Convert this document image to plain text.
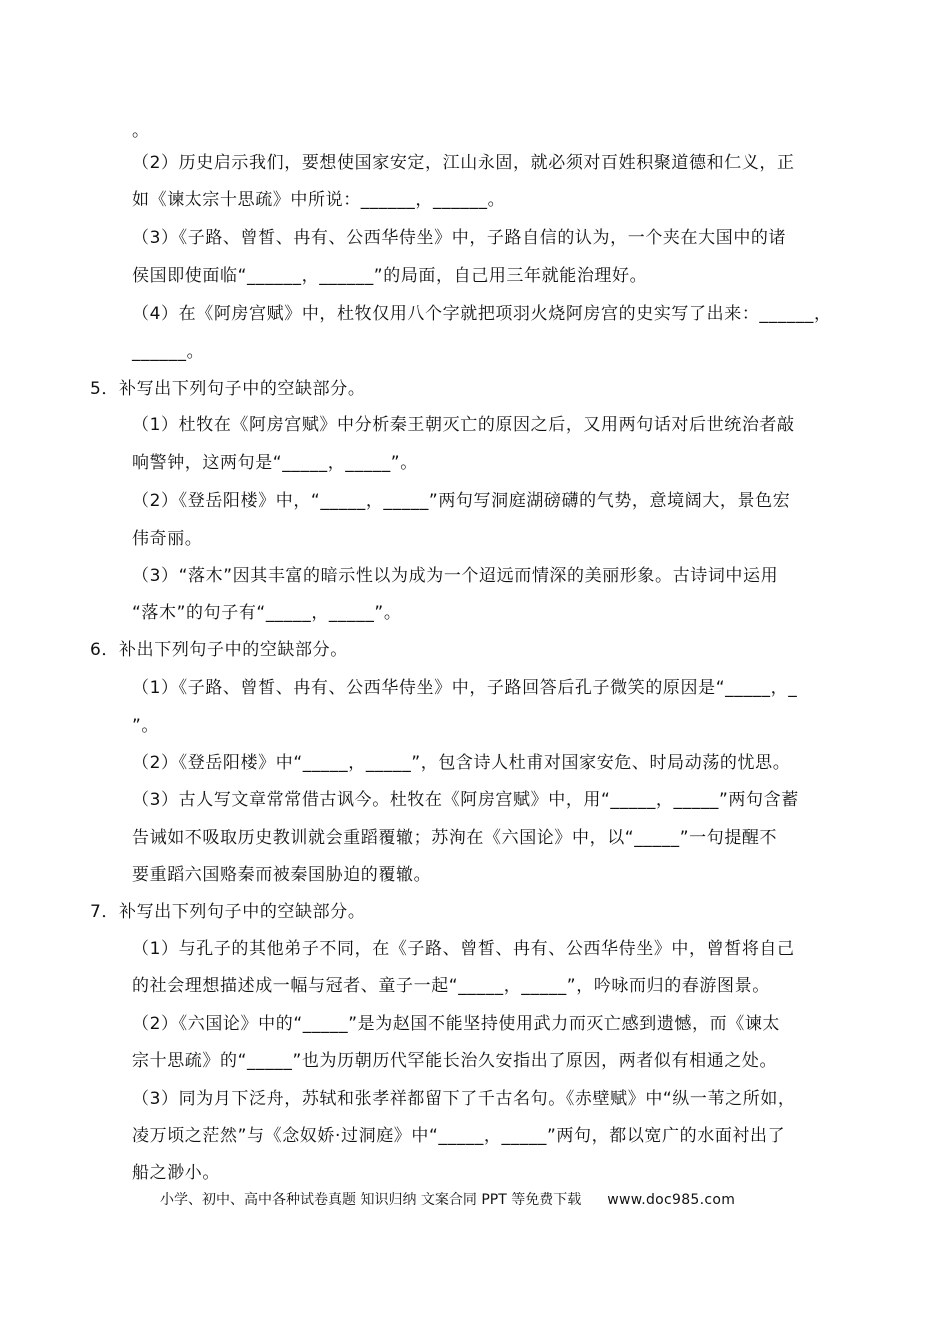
。
（2）历史启示我们，要想使国家安定，江山永固，就必须对百姓积聚道德和仁义，正
如《谏太宗十思疏》中所说：______，______。
（3）《子路、曾皙、冉有、公西华侍坐》中，子路自信的认为，一个夹在大国中的诸
侯国即使面临“______，______”的局面，自己用三年就能治理好。
（4）在《阿房宫赋》中，杜牧仅用八个字就把项羽火烧阿房宫的史实写了出来：______，
______。
5．补写出下列句子中的空缺部分。
（1）杜牧在《阿房宫赋》中分析秦王朝灭亡的原因之后，又用两句话对后世统治者敲
响警钟，这两句是“_____，_____”。
（2）《登岳阳楼》中，“_____，_____”两句写洞庭湖磅礴的气势，意境阔大，景色宏
伟奇丽。
（3）“落木”因其丰富的暗示性以为成为一个迢远而情深的美丽形象。古诗词中运用
“落木”的句子有“_____，_____”。
6．补出下列句子中的空缺部分。
（1）《子路、曾皙、冉有、公西华侍坐》中，子路回答后孔子微笑的原因是“_____，_
”。
（2）《登岳阳楼》中“_____，_____”，包含诗人杜甫对国家安危、时局动荡的忧思。
（3）古人写文章常常借古讽今。杜牧在《阿房宫赋》中，用“_____，_____”两句含蓄
告诫如不吸取历史教训就会重蹈覆辙；苏洵在《六国论》中，以“_____”一句提醒不
要重蹈六国赂秦而被秦国胁迫的覆辙。
7．补写出下列句子中的空缺部分。
（1）与孔子的其他弟子不同，在《子路、曾皙、冉有、公西华侍坐》中，曾皙将自己
的社会理想描述成一幅与冠者、童子一起“_____，_____”，吟咏而归的春游图景。
（2）《六国论》中的“_____”是为赵国不能坚持使用武力而灭亡感到遗憾，而《谏太
宗十思疏》的“_____”也为历朝历代罕能长治久安指出了原因，两者似有相通之处。
（3）同为月下泛舟，苏轼和张孝祥都留下了千古名句。《赤壁赋》中“纵一苇之所如，
凌万顷之茫然”与《念奴娇·过洞庭》中“_____，_____”两句，都以宽广的水面衬出了
船之渺小。
小学、初中、高中各种试卷真题 知识归纳 文案合同 PPT 等免费下载 www.doc985.com
